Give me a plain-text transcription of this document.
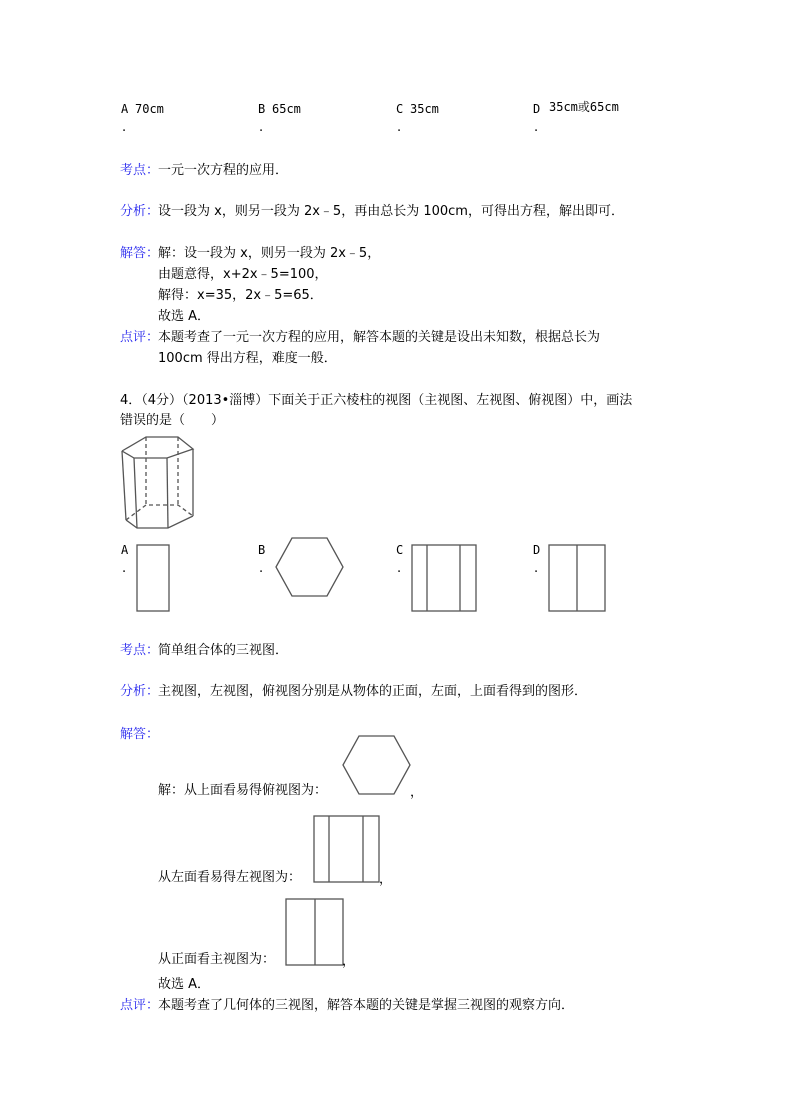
A 70cm
.
B 65cm
.
C 35cm
.
D 35cm或65cm
.
考点：
一元一次方程的应用．
分析：
设一段为 x，则另一段为 2x﹣5，再由总长为 100cm，可得出方程，解出即可．
解答：
解：设一段为 x，则另一段为 2x﹣5，
由题意得，x+2x﹣5=100，
解得：x=35，2x﹣5=65．
故选 A．
点评：
本题考查了一元一次方程的应用，解答本题的关键是设出未知数，根据总长为
100cm 得出方程，难度一般．
4．（4分）（2013•淄博）下面关于正六棱柱的视图（主视图、左视图、俯视图）中，画法
错误的是（　　）
A
.
B
.
C
.
D
.
考点：
简单组合体的三视图．
分析：
主视图，左视图，俯视图分别是从物体的正面，左面，上面看得到的图形．
解答：
解：从上面看易得俯视图为：	，
从左面看易得左视图为：	，
从正面看主视图为：	，
故选 A．
点评：
本题考查了几何体的三视图，解答本题的关键是掌握三视图的观察方向．
